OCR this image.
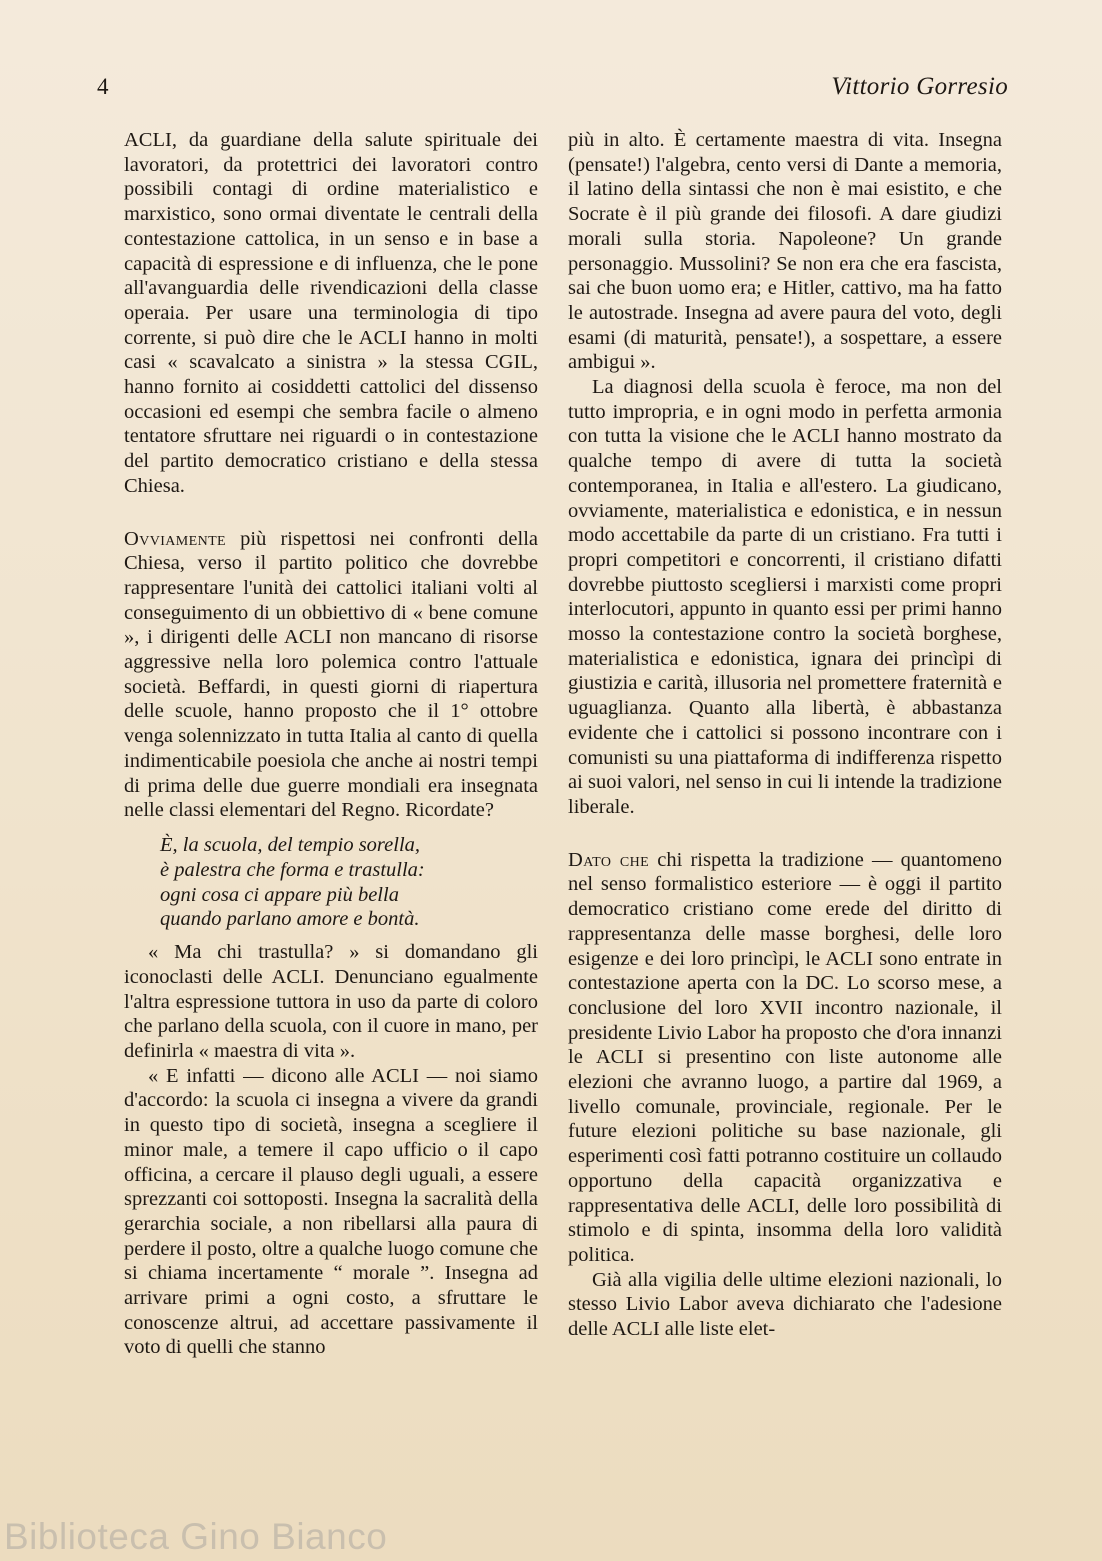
4	Vittorio Gorresio

ACLI, da guardiane della salute spirituale dei lavoratori, da protettrici dei lavoratori contro possibili contagi di ordine materialistico e marxistico, sono ormai diventate le centrali della contestazione cattolica, in un senso e in base a capacità di espressione e di influenza, che le pone all'avanguardia delle rivendicazioni della classe operaia. Per usare una terminologia di tipo corrente, si può dire che le ACLI hanno in molti casi « scavalcato a sinistra » la stessa CGIL, hanno fornito ai cosiddetti cattolici del dissenso occasioni ed esempi che sembra facile o almeno tentatore sfruttare nei riguardi o in contestazione del partito democratico cristiano e della stessa Chiesa.

Ovviamente più rispettosi nei confronti della Chiesa, verso il partito politico che dovrebbe rappresentare l'unità dei cattolici italiani volti al conseguimento di un obbiettivo di « bene comune », i dirigenti delle ACLI non mancano di risorse aggressive nella loro polemica contro l'attuale società. Beffardi, in questi giorni di riapertura delle scuole, hanno proposto che il 1° ottobre venga solennizzato in tutta Italia al canto di quella indimenticabile poesiola che anche ai nostri tempi di prima delle due guerre mondiali era insegnata nelle classi elementari del Regno. Ricordate?

È, la scuola, del tempio sorella,
è palestra che forma e trastulla:
ogni cosa ci appare più bella
quando parlano amore e bontà.

« Ma chi trastulla? » si domandano gli iconoclasti delle ACLI. Denunciano egualmente l'altra espressione tuttora in uso da parte di coloro che parlano della scuola, con il cuore in mano, per definirla « maestra di vita ».

« E infatti — dicono alle ACLI — noi siamo d'accordo: la scuola ci insegna a vivere da grandi in questo tipo di società, insegna a scegliere il minor male, a temere il capo ufficio o il capo officina, a cercare il plauso degli uguali, a essere sprezzanti coi sottoposti. Insegna la sacralità della gerarchia sociale, a non ribellarsi alla paura di perdere il posto, oltre a qualche luogo comune che si chiama incertamente “ morale ”. Insegna ad arrivare primi a ogni costo, a sfruttare le conoscenze altrui, ad accettare passivamente il voto di quelli che stanno

più in alto. È certamente maestra di vita. Insegna (pensate!) l'algebra, cento versi di Dante a memoria, il latino della sintassi che non è mai esistito, e che Socrate è il più grande dei filosofi. A dare giudizi morali sulla storia. Napoleone? Un grande personaggio. Mussolini? Se non era che era fascista, sai che buon uomo era; e Hitler, cattivo, ma ha fatto le autostrade. Insegna ad avere paura del voto, degli esami (di maturità, pensate!), a sospettare, a essere ambigui ».

La diagnosi della scuola è feroce, ma non del tutto impropria, e in ogni modo in perfetta armonia con tutta la visione che le ACLI hanno mostrato da qualche tempo di avere di tutta la società contemporanea, in Italia e all'estero. La giudicano, ovviamente, materialistica e edonistica, e in nessun modo accettabile da parte di un cristiano. Fra tutti i propri competitori e concorrenti, il cristiano difatti dovrebbe piuttosto scegliersi i marxisti come propri interlocutori, appunto in quanto essi per primi hanno mosso la contestazione contro la società borghese, materialistica e edonistica, ignara dei princìpi di giustizia e carità, illusoria nel promettere fraternità e uguaglianza. Quanto alla libertà, è abbastanza evidente che i cattolici si possono incontrare con i comunisti su una piattaforma di indifferenza rispetto ai suoi valori, nel senso in cui li intende la tradizione liberale.

Dato che chi rispetta la tradizione — quantomeno nel senso formalistico esteriore — è oggi il partito democratico cristiano come erede del diritto di rappresentanza delle masse borghesi, delle loro esigenze e dei loro princìpi, le ACLI sono entrate in contestazione aperta con la DC. Lo scorso mese, a conclusione del loro XVII incontro nazionale, il presidente Livio Labor ha proposto che d'ora innanzi le ACLI si presentino con liste autonome alle elezioni che avranno luogo, a partire dal 1969, a livello comunale, provinciale, regionale. Per le future elezioni politiche su base nazionale, gli esperimenti così fatti potranno costituire un collaudo opportuno della capacità organizzativa e rappresentativa delle ACLI, delle loro possibilità di stimolo e di spinta, insomma della loro validità politica.

Già alla vigilia delle ultime elezioni nazionali, lo stesso Livio Labor aveva dichiarato che l'adesione delle ACLI alle liste elet-

Biblioteca Gino Bianco
